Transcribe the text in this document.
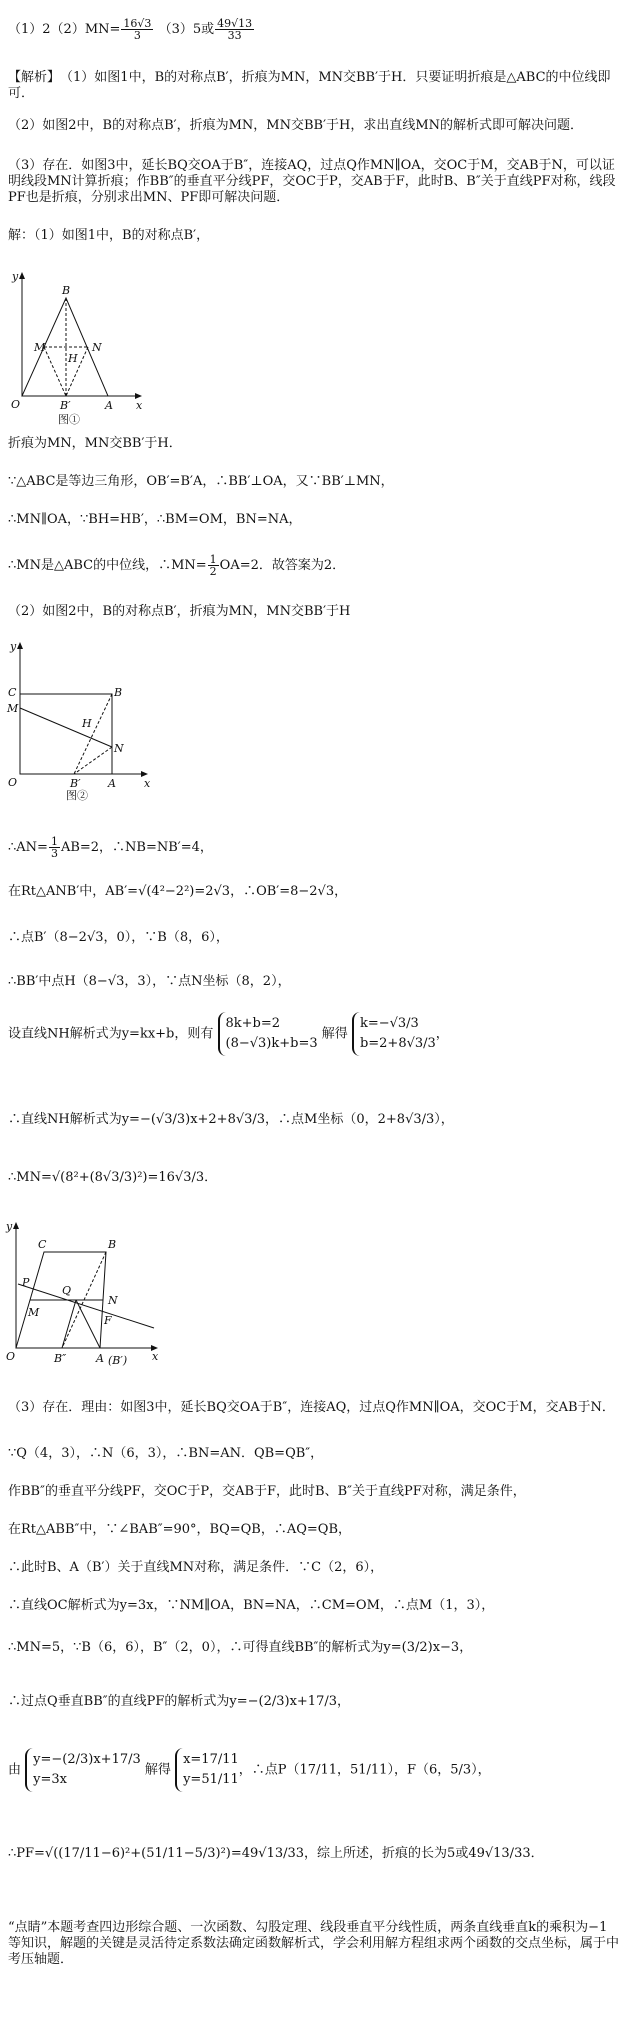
$(1)2(2)MN= \frac{16√3}{3} (3)5$或 $\frac{49√13}{33}$
【解析】　 （1）如图1中，B的对称点B′，折痕为MN，MN交BB′于H．只要证明折痕是△ABC的中位线即可．
（2）如图2中，B的对称点B′，折痕为MN，MN交BB′于H，求出直线MN的解析式即可解决问题．
（3）存在．如图3中，延长BQ交OA于B″，连接AQ，过点Q作MN∥OA，交OC于M，交AB于N，可以证明线段MN计算折痕；作BB″的垂直平分线PF，交OC于P，交AB于F，此时B、B″关于直线PF对称，线段PF也是折痕，分别求出MN、PF即可解决问题．
解：（1）如图1中，B的对称点B′，
y
B
M	N
H
O	B′	A x
图①
折痕为MN，MN交BB′于H．
∵△ABC是等边三角形，OB′=B′A，∴BB′⊥OA，又∵BB′⊥MN，
∴MN∥OA，∵BH=HB′，∴BM=OM，BN=NA，
∴MN是△ABC的中位线，∴MN= $\frac{1}{2} OA=2$．故答案为2．
（2）如图2中，B的对称点B′，折痕为MN，MN交BB′于H
y
C	B
M
H
N
O	B′ A	x
图②
∴AN= $\frac{1}{3} AB=2$，∴NB=NB′=4，
在Rt△ANB′中，AB′=√(4²−2²)=2√3，∴OB′=8−2√3，
∴点B′（8−2√3，0），∵B（8，6），
∴BB′中点H（8−√3，3），∵点N坐标（8，2），
设直线NH解析式为y=kx+b，则有 8k+b=2
(8−√3)k+b=3 解得 k=−√3/3
b=2+8√3/3，
∴直线NH解析式为y=−(√3/3)x+2+8√3/3，∴点M坐标（0，2+8√3/3），
∴MN=√(8²+(8√3/3)²)=16√3/3．
y
C	B
P
Q
N
M
F
O	B″	A (B′) x
（3）存在．理由：如图3中，延长BQ交OA于B″，连接AQ，过点Q作MN∥OA，交OC于M，交AB于N．
∵Q（4，3），∴N（6，3），∴BN=AN．QB=QB″，
作BB″的垂直平分线PF，交OC于P，交AB于F，此时B、B″关于直线PF对称，满足条件，
在Rt△ABB″中，∵∠BAB″=90°，BQ=QB，∴AQ=QB，
∴此时B、A（B′）关于直线MN对称，满足条件．∵C（2，6），
∴直线OC解析式为y=3x，∵NM∥OA，BN=NA，∴CM=OM，∴点M（1，3），
∴MN=5，∵B（6，6），B″（2，0），∴可得直线BB″的解析式为y=(3/2)x−3，
∴过点Q垂直BB″的直线PF的解析式为y=−(2/3)x+17/3，
由 y=−(2/3)x+17/3
y=3x 解得 x=17/11
y=51/11，∴点P（17/11，51/11），F（6，5/3），
∴PF=√((17/11−6)²+(51/11−5/3)²)=49√13/33，综上所述，折痕的长为5或49√13/33．
“点睛”本题考查四边形综合题、一次函数、勾股定理、线段垂直平分线性质，两条直线垂直k的乘积为−1等知识，解题的关键是灵活待定系数法确定函数解析式，学会利用解方程组求两个函数的交点坐标，属于中考压轴题．
